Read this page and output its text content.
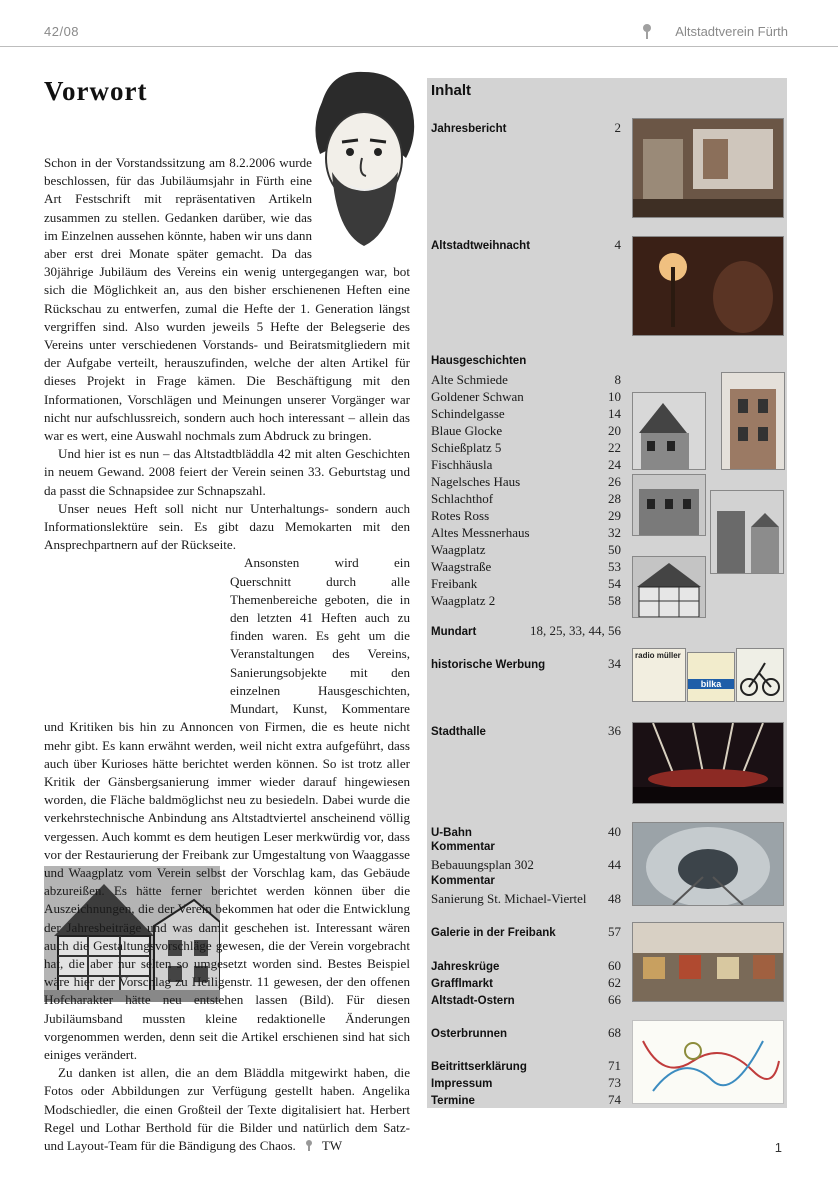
42/08	Altstadtverein Fürth
Vorwort

Schon in der Vorstandssitzung am 8.2.2006 wurde beschlossen, für das Jubiläumsjahr in Fürth eine Art Festschrift mit repräsentativen Artikeln zusammen zu stellen. Gedanken darüber, wie das im Einzelnen aussehen könnte, haben wir uns dann aber erst drei Monate später gemacht. Da das 30jährige Jubiläum des Vereins ein wenig untergegangen war, bot sich die Möglichkeit an, aus den bisher erschienenen Heften eine Rückschau zu entwerfen, zumal die Hefte der 1. Generation längst vergriffen sind. Also wurden jeweils 5 Hefte der Belegserie des Vereins unter verschiedenen Vorstands- und Beiratsmitgliedern mit der Aufgabe verteilt, herauszufinden, welche der alten Artikel für dieses Projekt in Frage kämen. Die Beschäftigung mit den Informationen, Vorschlägen und Meinungen unserer Vorgänger war nicht nur aufschlussreich, sondern auch hoch interessant – allein das war es wert, eine Auswahl nochmals zum Abdruck zu bringen.

Und hier ist es nun – das Altstadtbläddla 42 mit alten Geschichten in neuem Gewand. 2008 feiert der Verein seinen 33. Geburtstag und da passt die Schnapsidee zur Schnapszahl.

Unser neues Heft soll nicht nur Unterhaltungs- sondern auch Informationslektüre sein. Es gibt dazu Memokarten mit den Ansprechpartnern auf der Rückseite.

Ansonsten wird ein Querschnitt durch alle Themenbereiche geboten, die in den letzten 41 Heften auch zu finden waren. Es geht um die Veranstaltungen des Vereins, Sanierungsobjekte mit den einzelnen Hausgeschichten, Mundart, Kunst, Kommentare und Kritiken bis hin zu Annoncen von Firmen, die es heute nicht mehr gibt. Es kann erwähnt werden, weil nicht extra aufgeführt, dass auch über Kurioses hätte berichtet werden können. So ist trotz aller Kritik der Gänsbergsanierung immer wieder darauf hingewiesen worden, die Fläche baldmöglichst neu zu besiedeln. Dabei wurde die verkehrstechnische Anbindung ans Altstadtviertel anscheinend völlig vergessen. Auch kommt es dem heutigen Leser merkwürdig vor, dass vor der Restaurierung der Freibank zur Umgestaltung von Waaggasse und Waagplatz vom Verein selbst der Vorschlag kam, das Gebäude abzureißen. Es hätte ferner berichtet werden können über die Auszeichnungen, die der Verein bekommen hat oder die Entwicklung der Jahresbeiträge und was damit geschehen ist. Interessant wären auch die Gestaltungsvorschläge gewesen, die der Verein vorgebracht hat, die aber nur selten so umgesetzt worden sind. Bestes Beispiel wäre hier der Vorschlag zu Heiligenstr. 11 gewesen, der den offenen Hofcharakter hätte neu entstehen lassen (Bild). Für diesen Jubiläumsband mussten kleine redaktionelle Änderungen vorgenommen werden, denn seit die Artikel erschienen sind hat sich einiges verändert.

Zu danken ist allen, die an dem Bläddla mitgewirkt haben, die Fotos oder Abbildungen zur Verfügung gestellt haben. Angelika Modschiedler, die einen Großteil der Texte digitalisiert hat. Herbert Regel und Lothar Berthold für die Bilder und natürlich dem Satz- und Layout-Team für die Bändigung des Chaos. TW

Inhalt
Jahresbericht	2
Altstadtweihnacht	4
Hausgeschichten
Alte Schmiede	8
Goldener Schwan	10
Schindelgasse	14
Blaue Glocke	20
Schießplatz 5	22
Fischhäusla	24
Nagelsches Haus	26
Schlachthof	28
Rotes Ross	29
Altes Messnerhaus	32
Waagplatz	50
Waagstraße	53
Freibank	54
Waagplatz 2	58
Mundart	18, 25, 33, 44, 56
historische Werbung	34
Stadthalle	36
U-Bahn	40
Kommentar
Bebauungsplan 302	44
Kommentar
Sanierung St. Michael-Viertel 48
Galerie in der Freibank	57
Jahreskrüge	60
Grafflmarkt	62
Altstadt-Ostern	66
Osterbrunnen	68
Beitrittserklärung	71
Impressum	73
Termine	74
radio müller
bilka
1
